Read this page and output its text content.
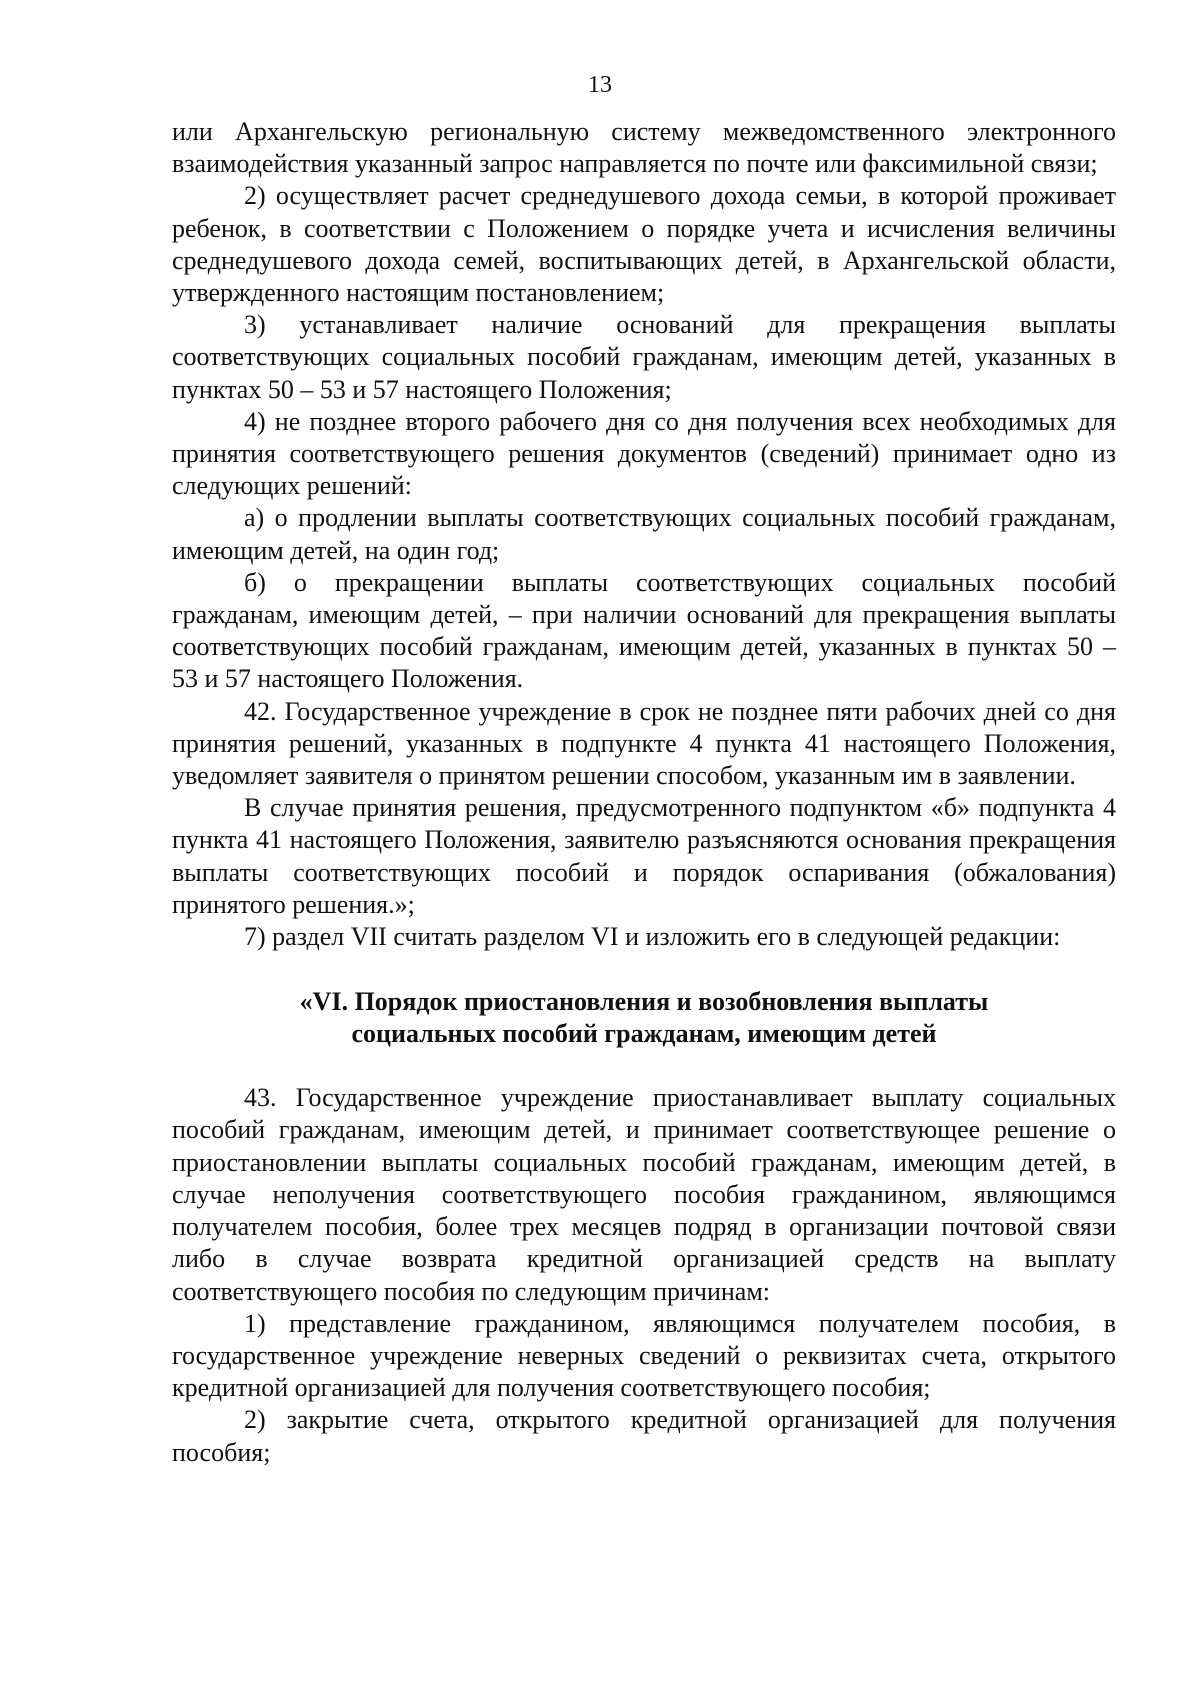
13

или Архангельскую региональную систему межведомственного электронного взаимодействия указанный запрос направляется по почте или факсимильной связи;

2) осуществляет расчет среднедушевого дохода семьи, в которой проживает ребенок, в соответствии с Положением о порядке учета и исчисления величины среднедушевого дохода семей, воспитывающих детей, в Архангельской области, утвержденного настоящим постановлением;

3) устанавливает наличие оснований для прекращения выплаты соответствующих социальных пособий гражданам, имеющим детей, указанных в пунктах 50 – 53 и 57 настоящего Положения;

4) не позднее второго рабочего дня со дня получения всех необходимых для принятия соответствующего решения документов (сведений) принимает одно из следующих решений:

а) о продлении выплаты соответствующих социальных пособий гражданам, имеющим детей, на один год;

б) о прекращении выплаты соответствующих социальных пособий гражданам, имеющим детей, – при наличии оснований для прекращения выплаты соответствующих пособий гражданам, имеющим детей, указанных в пунктах 50 – 53 и 57 настоящего Положения.

42. Государственное учреждение в срок не позднее пяти рабочих дней со дня принятия решений, указанных в подпункте 4 пункта 41 настоящего Положения, уведомляет заявителя о принятом решении способом, указанным им в заявлении.

В случае принятия решения, предусмотренного подпунктом «б» подпункта 4 пункта 41 настоящего Положения, заявителю разъясняются основания прекращения выплаты соответствующих пособий и порядок оспаривания (обжалования) принятого решения.»;

7) раздел VII считать разделом VI и изложить его в следующей редакции:

«VI. Порядок приостановления и возобновления выплаты
социальных пособий гражданам, имеющим детей

43. Государственное учреждение приостанавливает выплату социальных пособий гражданам, имеющим детей, и принимает соответствующее решение о приостановлении выплаты социальных пособий гражданам, имеющим детей, в случае неполучения соответствующего пособия гражданином, являющимся получателем пособия, более трех месяцев подряд в организации почтовой связи либо в случае возврата кредитной организацией средств на выплату соответствующего пособия по следующим причинам:

1) представление гражданином, являющимся получателем пособия, в государственное учреждение неверных сведений о реквизитах счета, открытого кредитной организацией для получения соответствующего пособия;

2) закрытие счета, открытого кредитной организацией для получения пособия;
